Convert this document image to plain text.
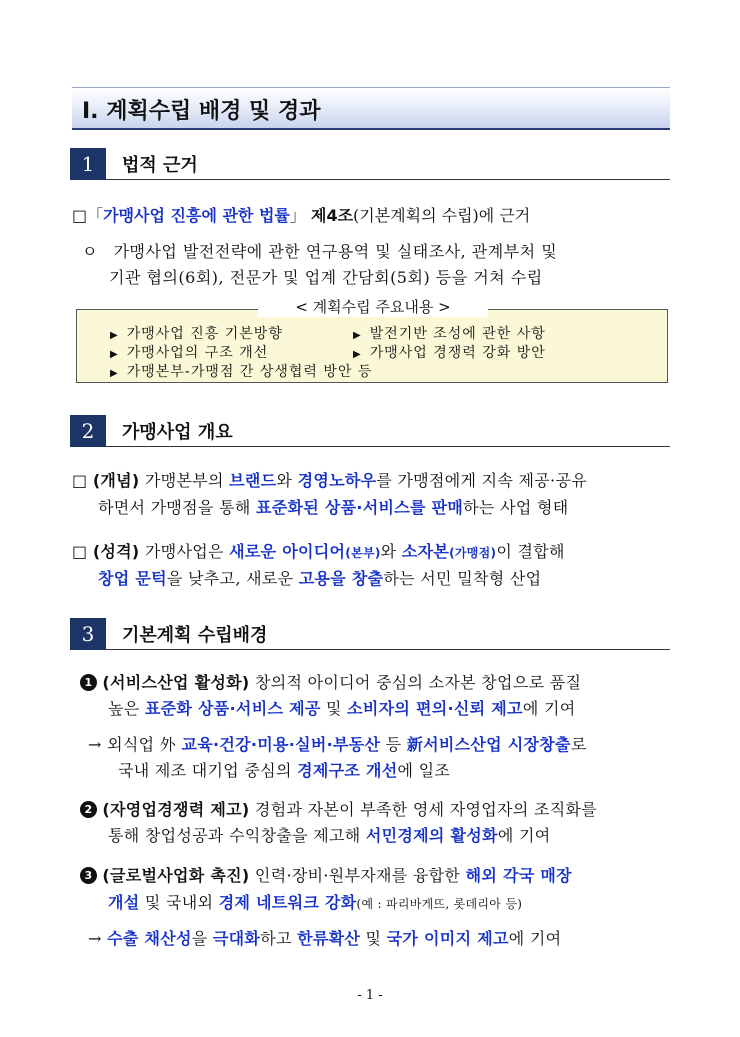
Ⅰ. 계획수립 배경 및 경과
1	법적 근거
□「가맹사업 진흥에 관한 법률」 제4조(기본계획의 수립)에 근거
ㅇ 가맹사업 발전전략에 관한 연구용역 및 실태조사, 관계부처 및
기관 협의(6회), 전문가 및 업계 간담회(5회) 등을 거쳐 수립
< 계획수립 주요내용 >
▶ 가맹사업 진흥 기본방향	▶ 발전기반 조성에 관한 사항
▶ 가맹사업의 구조 개선	▶ 가맹사업 경쟁력 강화 방안
▶ 가맹본부-가맹점 간 상생협력 방안 등
2	가맹사업 개요
□ (개념) 가맹본부의 브랜드와 경영노하우를 가맹점에게 지속 제공·공유
하면서 가맹점을 통해 표준화된 상품·서비스를 판매하는 사업 형태
□ (성격) 가맹사업은 새로운 아이디어(본부)와 소자본(가맹점)이 결합해
창업 문턱을 낮추고, 새로운 고용을 창출하는 서민 밀착형 산업
3	기본계획 수립배경
1 (서비스산업 활성화) 창의적 아이디어 중심의 소자본 창업으로 품질
높은 표준화 상품·서비스 제공 및 소비자의 편의·신뢰 제고에 기여
→ 외식업 外 교육·건강·미용·실버·부동산 등 新서비스산업 시장창출로
국내 제조 대기업 중심의 경제구조 개선에 일조
2 (자영업경쟁력 제고) 경험과 자본이 부족한 영세 자영업자의 조직화를
통해 창업성공과 수익창출을 제고해 서민경제의 활성화에 기여
3 (글로벌사업화 촉진) 인력·장비·원부자재를 융합한 해외 각국 매장
개설 및 국내외 경제 네트워크 강화(예 : 파리바게뜨, 롯데리아 등)
→ 수출 채산성을 극대화하고 한류확산 및 국가 이미지 제고에 기여
- 1 -
